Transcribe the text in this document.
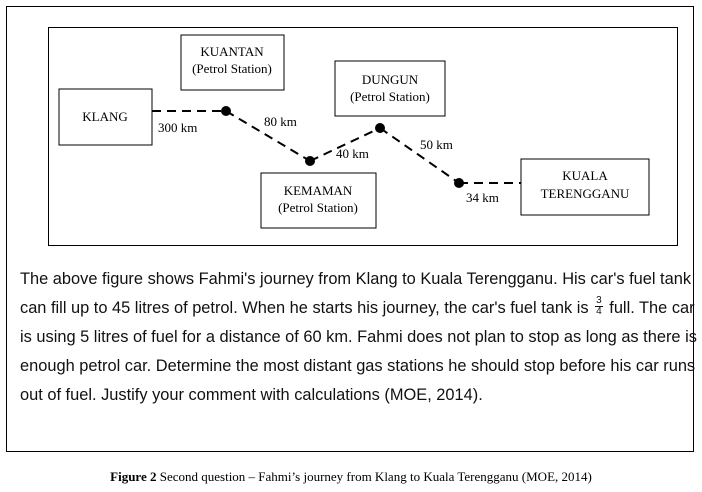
KLANG
KUANTAN
(Petrol Station)
DUNGUN
(Petrol Station)
KEMAMAN
(Petrol Station)
KUALA
TERENGGANU
300 km	80 km
40 km
50 km
34 km

The above figure shows Fahmi's journey from Klang to Kuala Terengganu. His car's fuel tank can fill up to 45 litres of petrol. When he starts his journey, the car's fuel tank is $\frac{3}{4}$ full. The car is using 5 litres of fuel for a distance of 60 km. Fahmi does not plan to stop as long as there is enough petrol car. Determine the most distant gas stations he should stop before his car runs out of fuel. Justify your comment with calculations (MOE, 2014).

Figure 2 Second question – Fahmi’s journey from Klang to Kuala Terengganu (MOE, 2014)
